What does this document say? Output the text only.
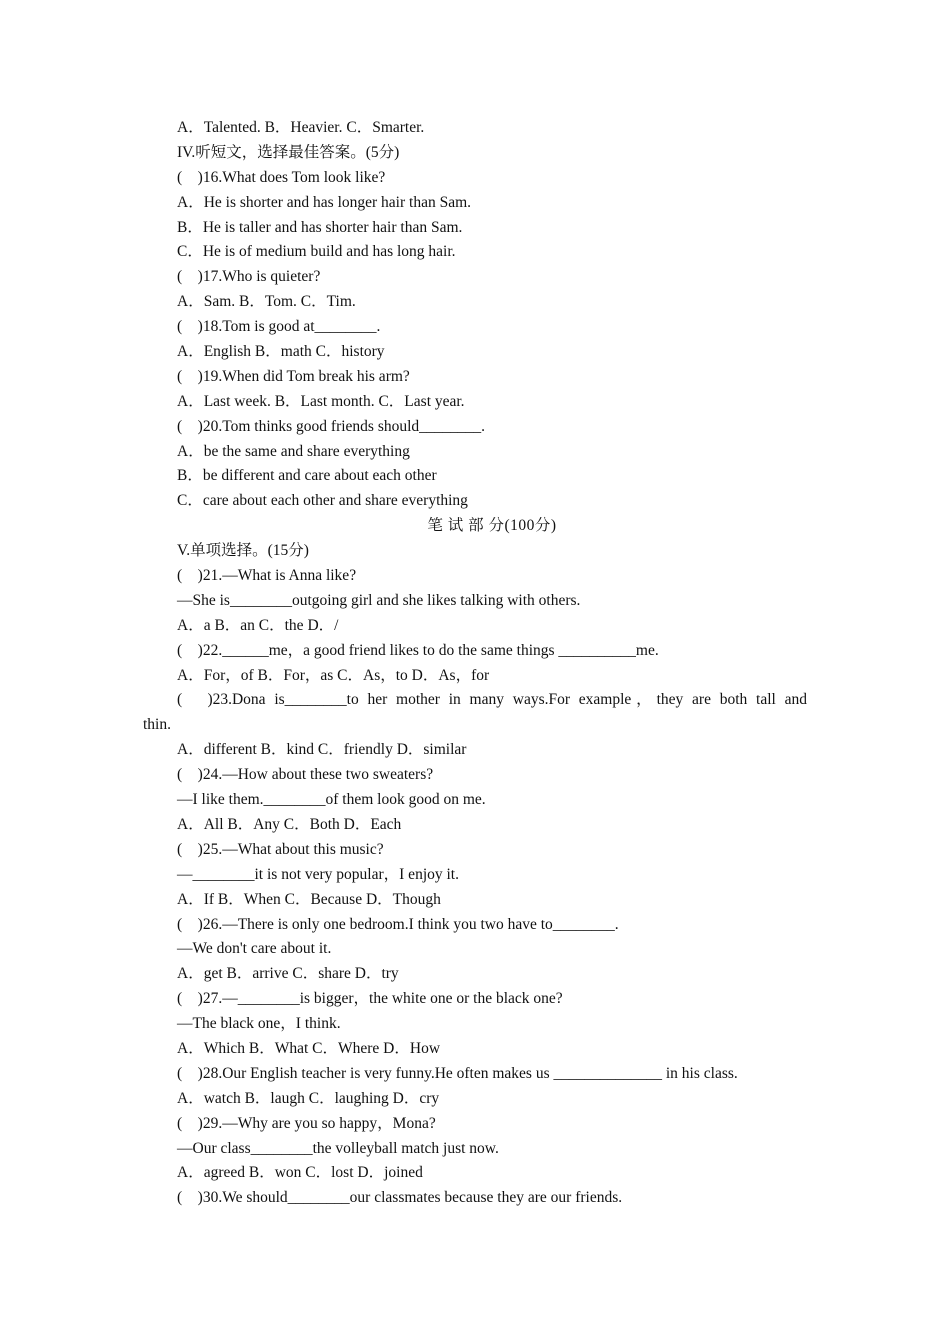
A．Talented. B．Heavier. C．Smarter.
IV.听短文，选择最佳答案。(5分)
(　)16.What does Tom look like?
A．He is shorter and has longer hair than Sam.
B．He is taller and has shorter hair than Sam.
C．He is of medium build and has long hair.
(　)17.Who is quieter?
A．Sam. B．Tom. C．Tim.
(　)18.Tom is good at________.
A．English B．math C．history
(　)19.When did Tom break his arm?
A．Last week. B．Last month. C．Last year.
(　)20.Tom thinks good friends should________.
A．be the same and share everything
B．be different and care about each other
C．care about each other and share everything
笔 试 部 分(100分)
V.单项选择。(15分)
(　)21.—What is Anna like?
—She is________outgoing girl and she likes talking with others.
A．a B．an C．the D．/
(　)22.______me，a good friend likes to do the same things __________me.
A．For，of B．For，as C．As，to D．As，for
(　)23.Dona is________to her mother in many ways.For example，they are both tall and
thin.
A．different B．kind C．friendly D．similar
(　)24.—How about these two sweaters?
—I like them.________of them look good on me.
A．All B．Any C．Both D．Each
(　)25.—What about this music?
—________it is not very popular，I enjoy it.
A．If B．When C．Because D．Though
(　)26.—There is only one bedroom.I think you two have to________.
—We don't care about it.
A．get B．arrive C．share D．try
(　)27.—________is bigger，the white one or the black one?
—The black one，I think.
A．Which B．What C．Where D．How
(　)28.Our English teacher is very funny.He often makes us ______________ in his class.
A．watch B．laugh C．laughing D．cry
(　)29.—Why are you so happy，Mona?
—Our class________the volleyball match just now.
A．agreed B．won C．lost D．joined
(　)30.We should________our classmates because they are our friends.
